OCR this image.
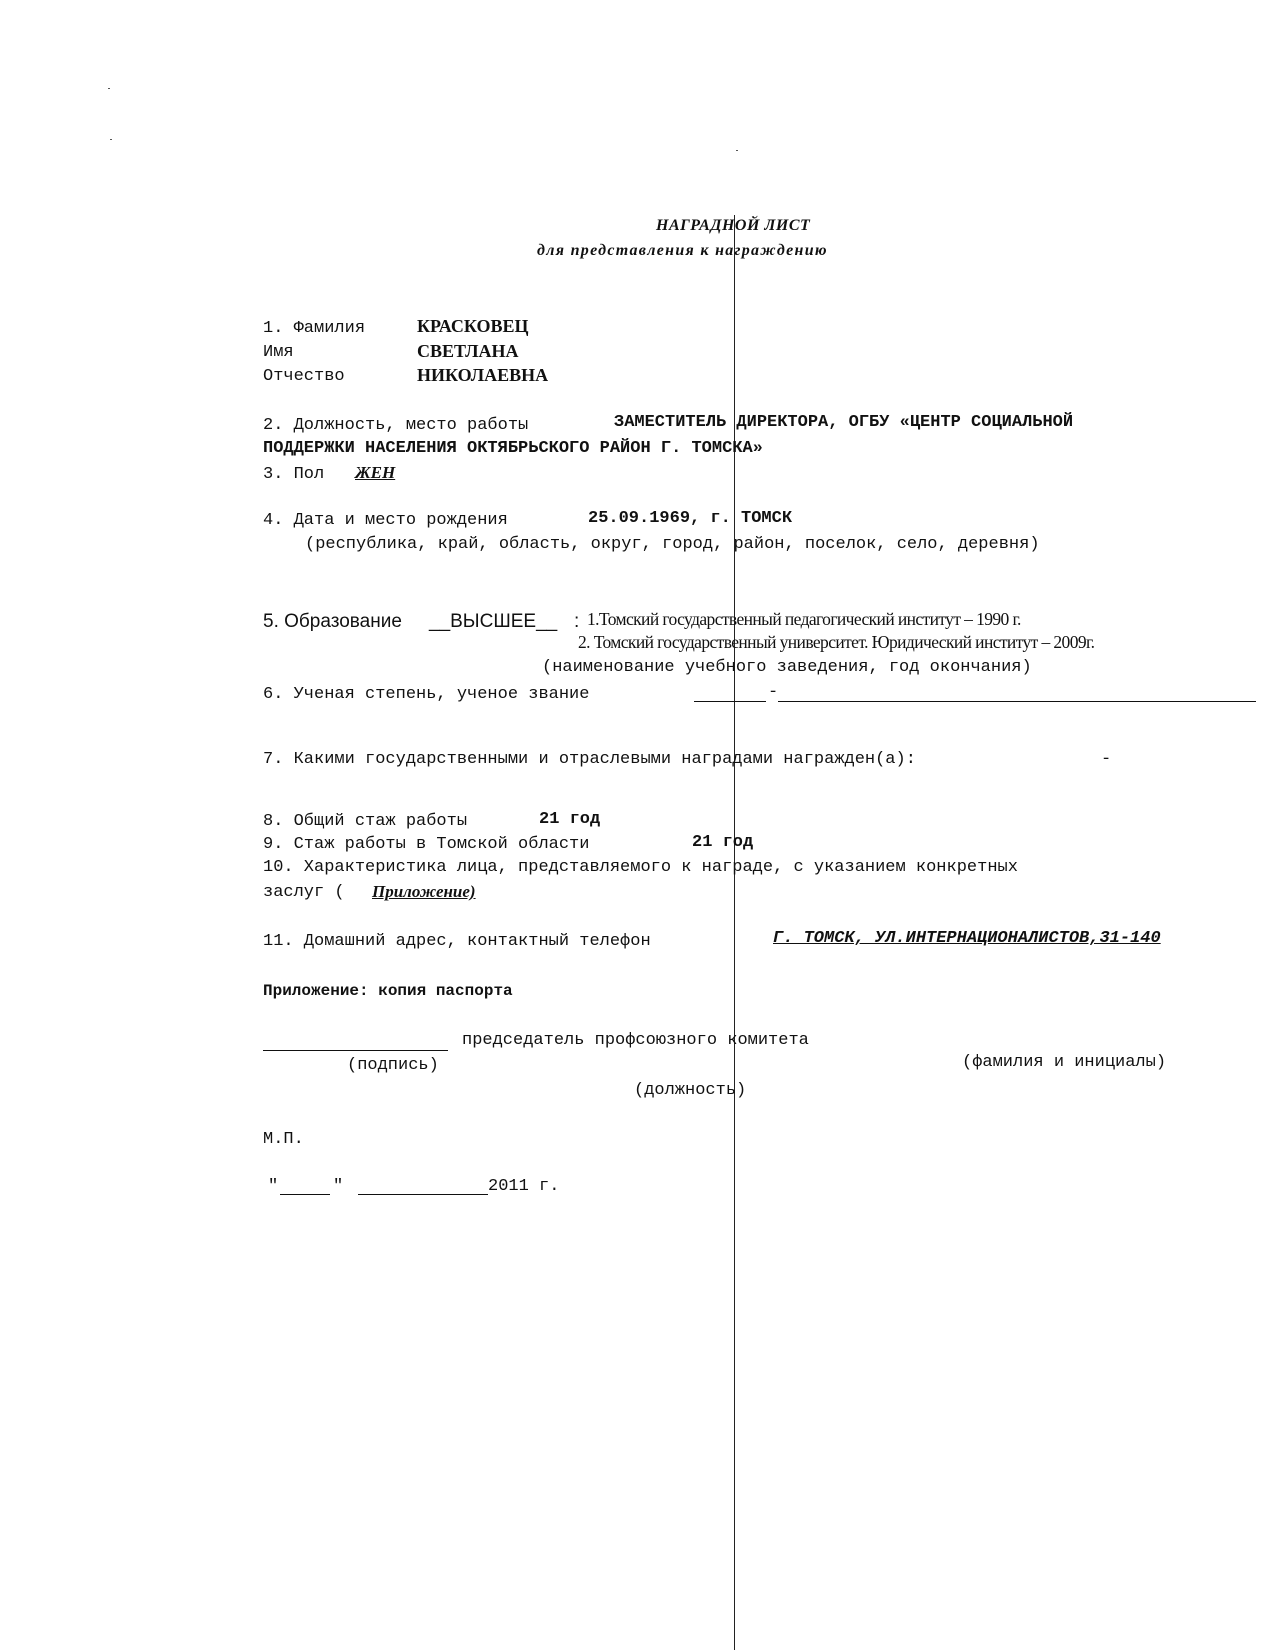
НАГРАДНОЙ ЛИСТ
для представления к награждению
1. Фамилия	КРАСКОВЕЦ
Имя	СВЕТЛАНА
Отчество	НИКОЛАЕВНА
2. Должность, место работы	ЗАМЕСТИТЕЛЬ ДИРЕКТОРА, ОГБУ «ЦЕНТР СОЦИАЛЬНОЙ
ПОДДЕРЖКИ НАСЕЛЕНИЯ ОКТЯБРЬСКОГО РАЙОН Г. ТОМСКА»
3. Пол ЖЕН
4. Дата и место рождения	25.09.1969, г. ТОМСК
(республика, край, область, округ, город, район, поселок, село, деревня)
5. Образование __ВЫСШЕЕ__ : 1.Томский государственный педагогический институт – 1990 г.
2. Томский государственный университет. Юридический институт – 2009г.
(наименование учебного заведения, год окончания)
6. Ученая степень, ученое звание	-
7. Какими государственными и отраслевыми наградами награжден(а):	-
8. Общий стаж работы	21 год
9. Стаж работы в Томской области	21 год
10. Характеристика лица, представляемого к награде, с указанием конкретных
заслуг ( Приложение)
11. Домашний адрес, контактный телефон	Г. ТОМСК, УЛ.ИНТЕРНАЦИОНАЛИСТОВ,31-140
Приложение: копия паспорта
председатель профсоюзного комитета
(подпись)	(фамилия и инициалы)
(должность)
М.П.
"	"	2011 г.
